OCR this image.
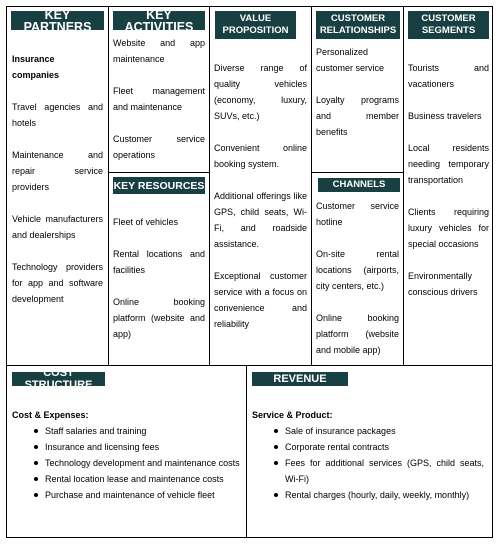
KEY PARTNERS

Insurance companies

Travel agencies and hotels

Maintenance and repair service providers

Vehicle manufacturers and dealerships

Technology providers for app and software development

KEY ACTIVITIES

Website and app maintenance

Fleet management and maintenance

Customer service operations

KEY RESOURCES

Fleet of vehicles

Rental locations and facilities

Online booking platform (website and app)

VALUE
PROPOSITION

Diverse range of quality vehicles (economy, luxury, SUVs, etc.)

Convenient online booking system.

Additional offerings like GPS, child seats, Wi-Fi, and roadside assistance.

Exceptional customer service with a focus on convenience and reliability

CUSTOMER
RELATIONSHIPS

Personalized customer service

Loyalty programs and member benefits

CHANNELS

Customer service hotline

On-site rental locations (airports, city centers, etc.)

Online booking platform (website and mobile app)

CUSTOMER
SEGMENTS

Tourists and vacationers

Business travelers

Local residents needing temporary transportation

Clients requiring luxury vehicles for special occasions

Environmentally conscious drivers

COST STRUCTURE

Cost & Expenses:

Staff salaries and training
Insurance and licensing fees
Technology development and maintenance costs
Rental location lease and maintenance costs
Purchase and maintenance of vehicle fleet
REVENUE

Service & Product:

Sale of insurance packages
Corporate rental contracts
Fees for additional services (GPS, child seats, Wi-Fi)
Rental charges (hourly, daily, weekly, monthly)
